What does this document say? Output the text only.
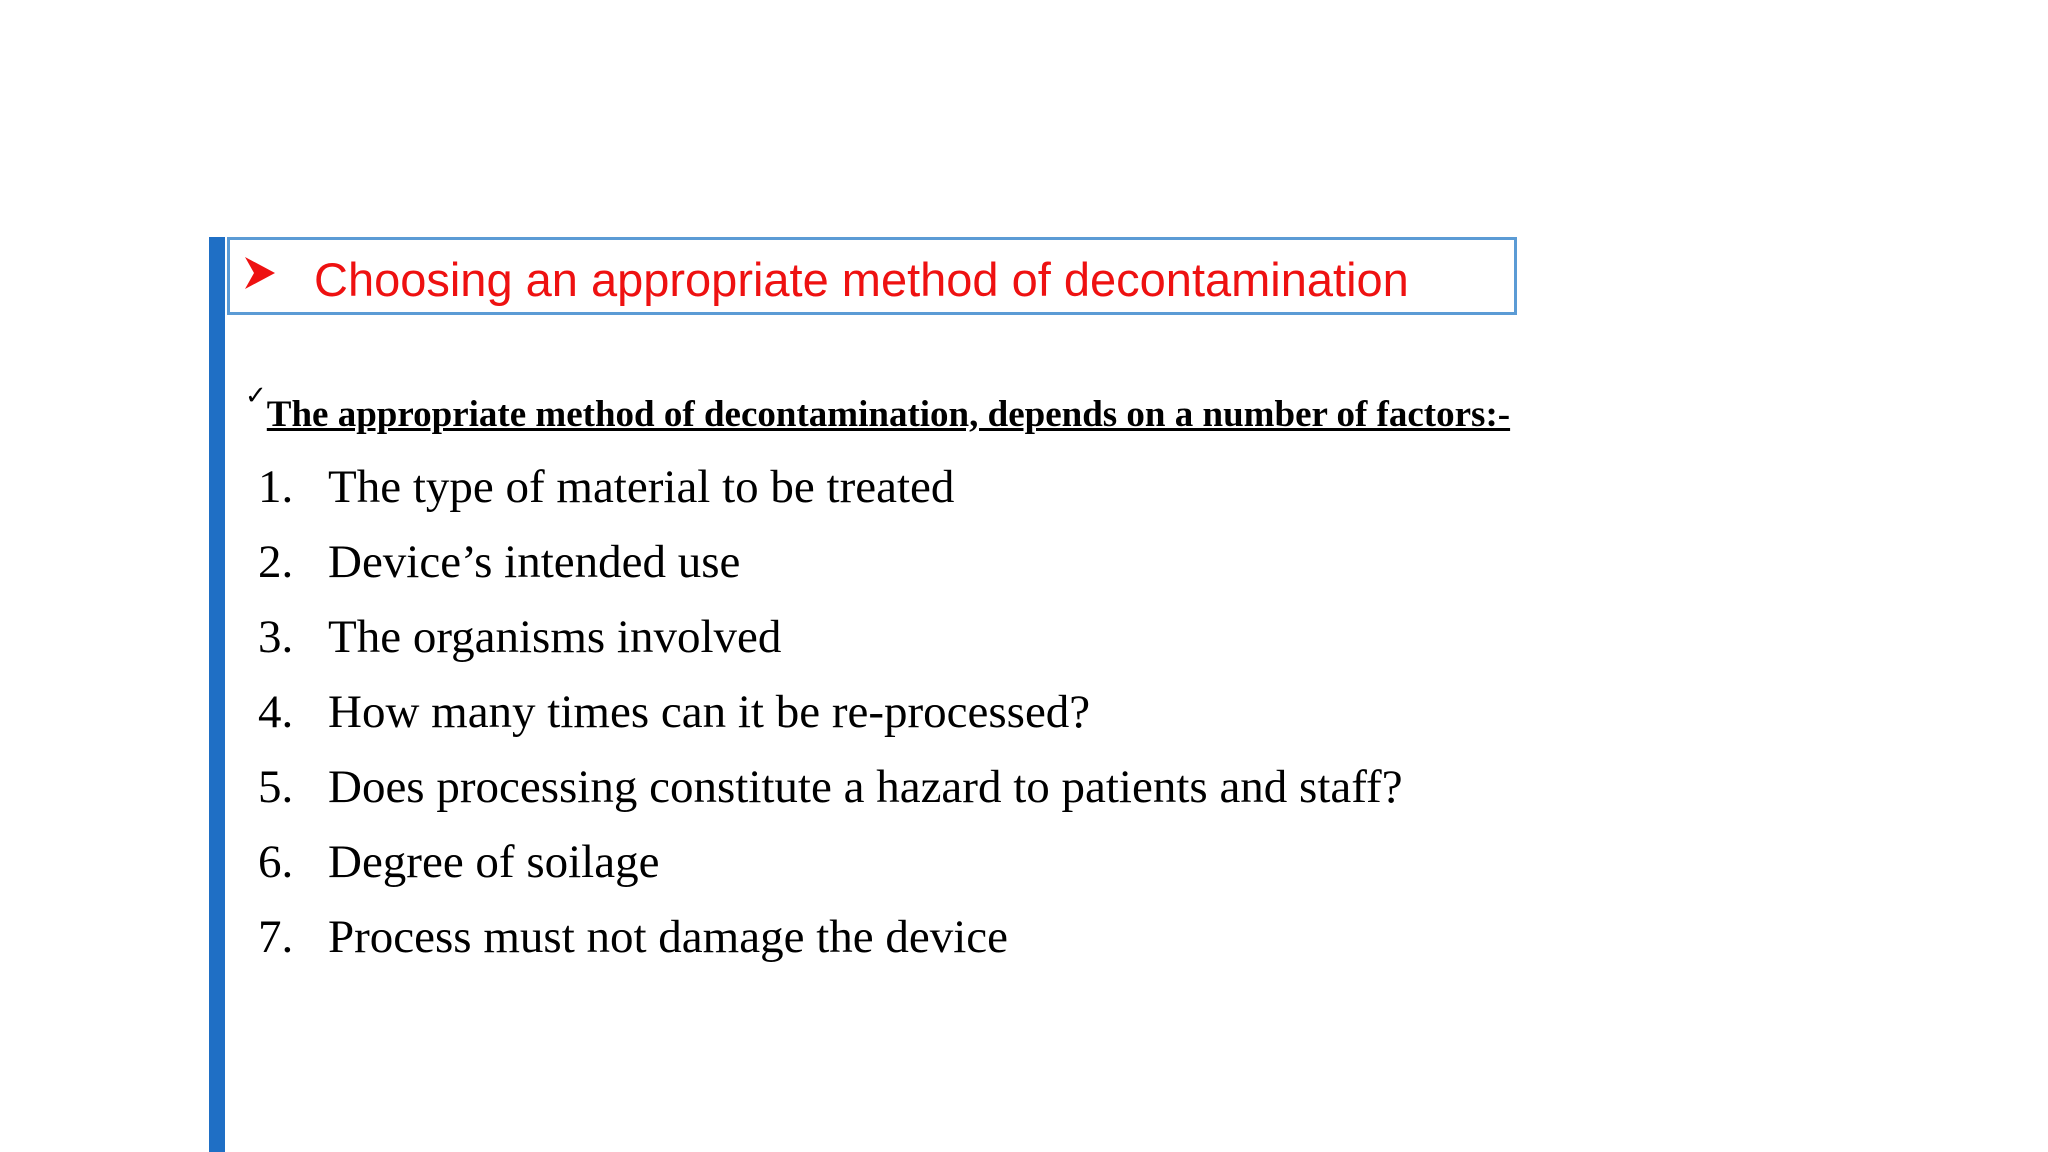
Choosing an appropriate method of decontamination
✓The appropriate method of decontamination, depends on a number of factors:-
1. The type of material to be treated
2. Device’s intended use
3. The organisms involved
4. How many times can it be re-processed?
5. Does processing constitute a hazard to patients and staff?
6. Degree of soilage
7. Process must not damage the device
